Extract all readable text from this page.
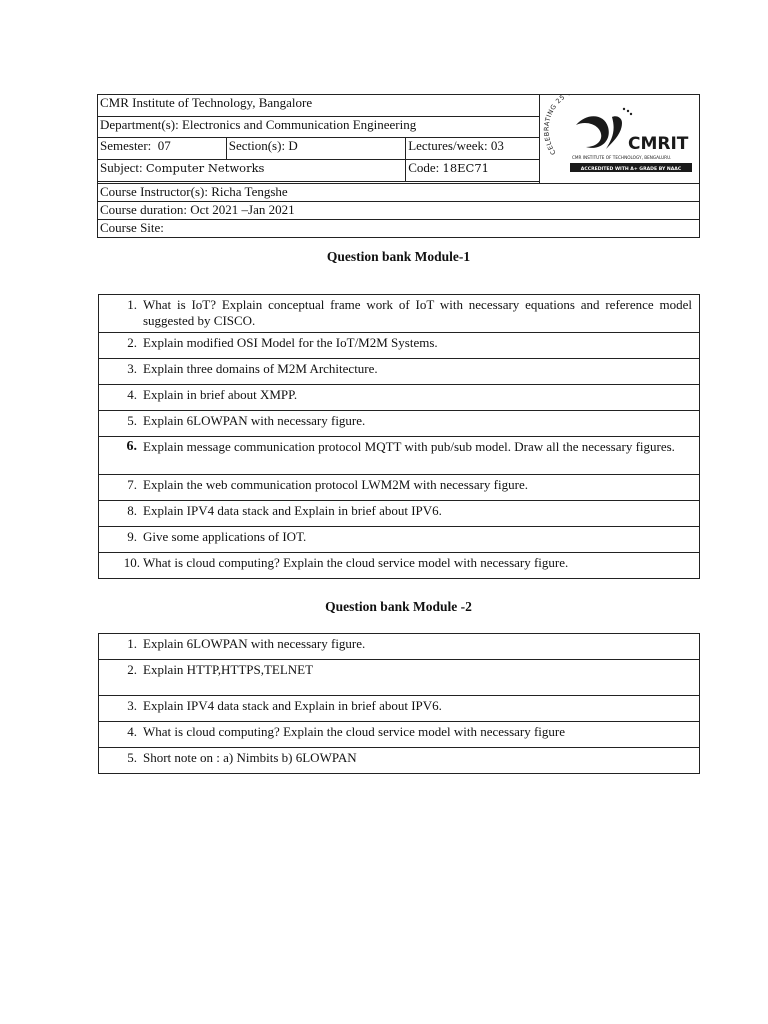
CMR Institute of Technology, Bangalore			CELEBRATING 25
CMRIT
CMR INSTITUTE OF TECHNOLOGY, BENGALURU.
ACCREDITED WITH A+ GRADE BY NAAC

Department(s): Electronics and Communication Engineering			
Semester: 07	Section(s): D	Lectures/week: 03	
Subject: Computer Networks		Code: 18EC71	

Course Instructor(s): Richa Tengshe			
Course duration: Oct 2021 –Jan 2021			
Course Site:			
Question bank Module-1
1.	What is IoT? Explain conceptual frame work of IoT with necessary equations and reference model suggested by CISCO.
2.	Explain modified OSI Model for the IoT/M2M Systems.
3.	Explain three domains of M2M Architecture.
4.	Explain in brief about XMPP.
5.	Explain 6LOWPAN with necessary figure.
6.	Explain message communication protocol MQTT with pub/sub model. Draw all the necessary figures.
7.	Explain the web communication protocol LWM2M with necessary figure.
8.	Explain IPV4 data stack and Explain in brief about IPV6.
9.	Give some applications of IOT.
10.	What is cloud computing? Explain the cloud service model with necessary figure.
Question bank Module -2
1.	Explain 6LOWPAN with necessary figure.
2.	Explain HTTP,HTTPS,TELNET
3.	Explain IPV4 data stack and Explain in brief about IPV6.
4.	What is cloud computing? Explain the cloud service model with necessary figure
5.	Short note on : a) Nimbits b) 6LOWPAN
